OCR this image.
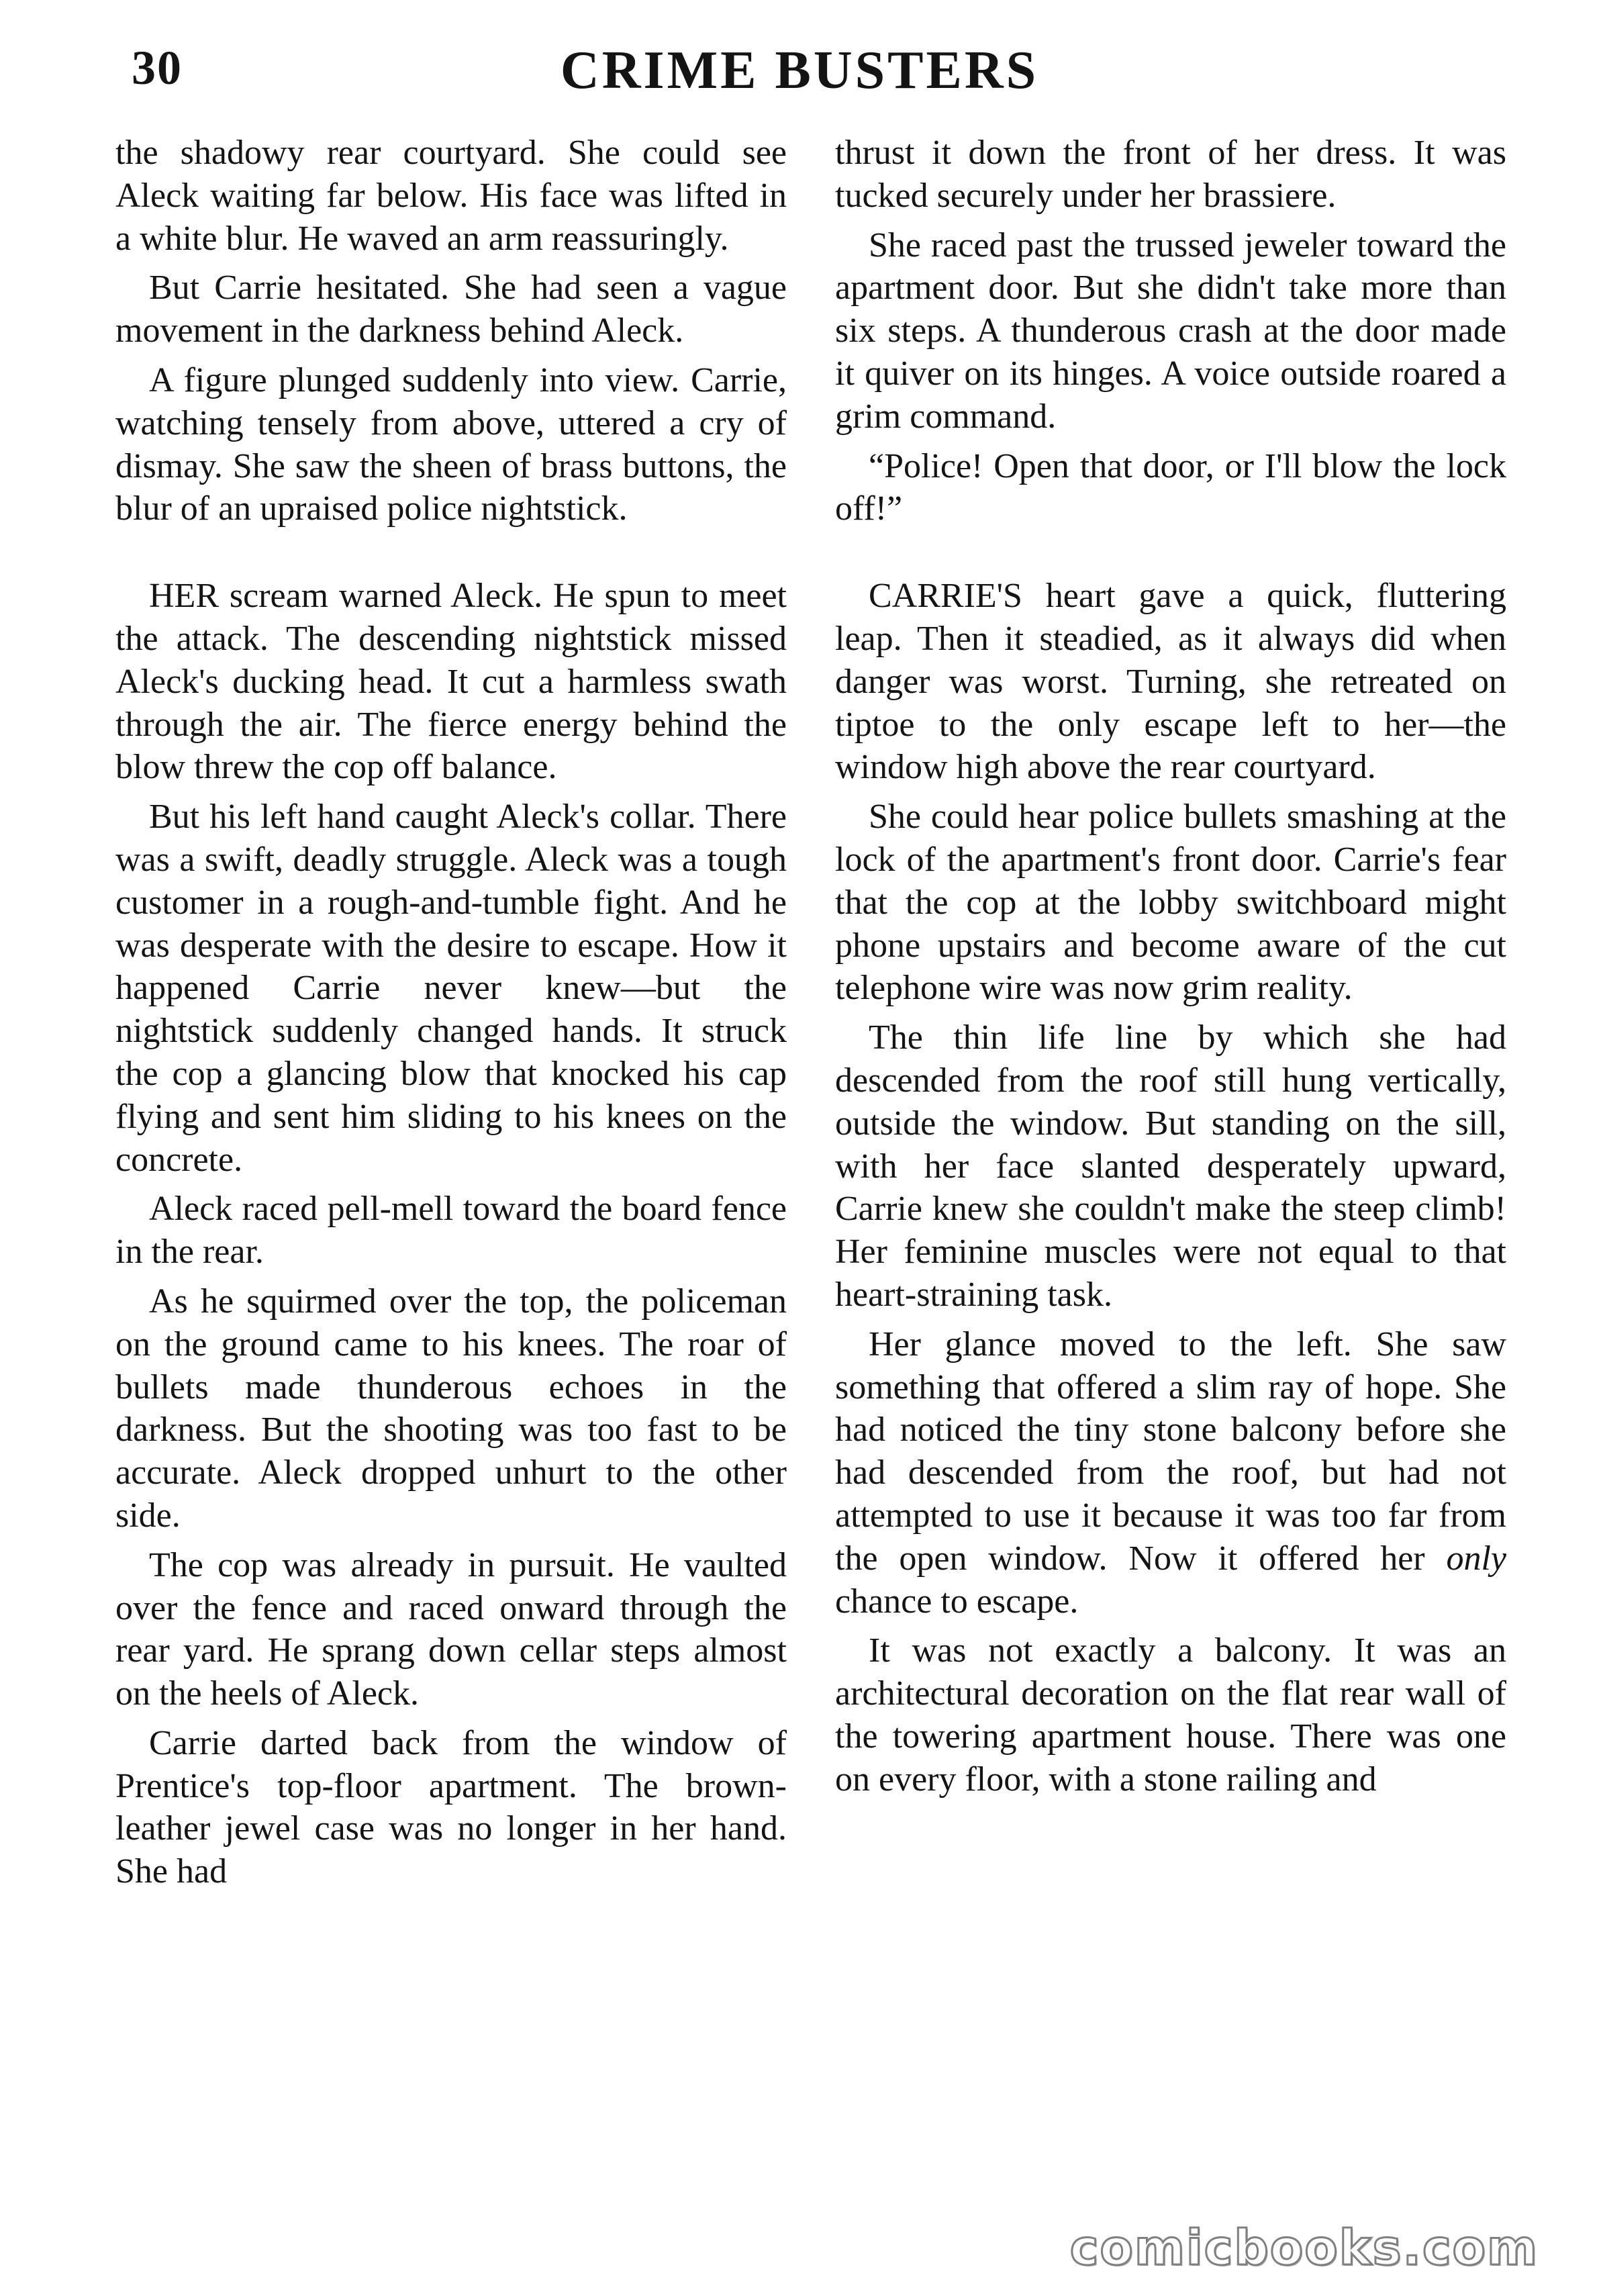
30	CRIME BUSTERS

the shadowy rear courtyard. She could see Aleck waiting far below. His face was lifted in a white blur. He waved an arm reassuringly.

But Carrie hesitated. She had seen a vague movement in the darkness behind Aleck.

A figure plunged suddenly into view. Carrie, watching tensely from above, uttered a cry of dismay. She saw the sheen of brass buttons, the blur of an upraised police nightstick.

HER scream warned Aleck. He spun to meet the attack. The descending nightstick missed Aleck's ducking head. It cut a harmless swath through the air. The fierce energy behind the blow threw the cop off balance.

But his left hand caught Aleck's collar. There was a swift, deadly struggle. Aleck was a tough customer in a rough-and-tumble fight. And he was desperate with the desire to escape. How it happened Carrie never knew—but the nightstick suddenly changed hands. It struck the cop a glancing blow that knocked his cap flying and sent him sliding to his knees on the concrete.

Aleck raced pell-mell toward the board fence in the rear.

As he squirmed over the top, the policeman on the ground came to his knees. The roar of bullets made thunderous echoes in the darkness. But the shooting was too fast to be accurate. Aleck dropped unhurt to the other side.

The cop was already in pursuit. He vaulted over the fence and raced onward through the rear yard. He sprang down cellar steps almost on the heels of Aleck.

Carrie darted back from the window of Prentice's top-floor apartment. The brown-leather jewel case was no longer in her hand. She had

thrust it down the front of her dress. It was tucked securely under her brassiere.

She raced past the trussed jeweler toward the apartment door. But she didn't take more than six steps. A thunderous crash at the door made it quiver on its hinges. A voice outside roared a grim command.

“Police! Open that door, or I'll blow the lock off!”

CARRIE'S heart gave a quick, fluttering leap. Then it steadied, as it always did when danger was worst. Turning, she retreated on tiptoe to the only escape left to her—the window high above the rear courtyard.

She could hear police bullets smashing at the lock of the apartment's front door. Carrie's fear that the cop at the lobby switchboard might phone upstairs and become aware of the cut telephone wire was now grim reality.

The thin life line by which she had descended from the roof still hung vertically, outside the window. But standing on the sill, with her face slanted desperately upward, Carrie knew she couldn't make the steep climb! Her feminine muscles were not equal to that heart-straining task.

Her glance moved to the left. She saw something that offered a slim ray of hope. She had noticed the tiny stone balcony before she had descended from the roof, but had not attempted to use it because it was too far from the open window. Now it offered her only chance to escape.

It was not exactly a balcony. It was an architectural decoration on the flat rear wall of the towering apartment house. There was one on every floor, with a stone railing and

comicbooks.com
